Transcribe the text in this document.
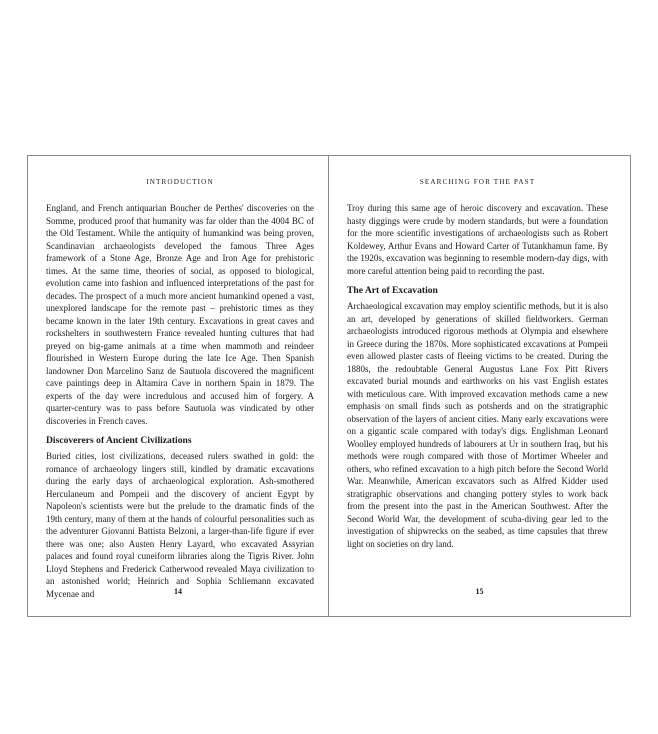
INTRODUCTION

England, and French antiquarian Boucher de Perthes' discoveries on the Somme, produced proof that humanity was far older than the 4004 BC of the Old Testament. While the antiquity of humankind was being proven, Scandinavian archaeologists developed the famous Three Ages framework of a Stone Age, Bronze Age and Iron Age for prehistoric times. At the same time, theories of social, as opposed to biological, evolution came into fashion and influenced interpretations of the past for decades. The prospect of a much more ancient humankind opened a vast, unexplored landscape for the remote past – prehistoric times as they became known in the later 19th century. Excavations in great caves and rockshelters in southwestern France revealed hunting cultures that had preyed on big-game animals at a time when mammoth and reindeer flourished in Western Europe during the late Ice Age. Then Spanish landowner Don Marcelino Sanz de Sautuola discovered the magnificent cave paintings deep in Altamira Cave in northern Spain in 1879. The experts of the day were incredulous and accused him of forgery. A quarter-century was to pass before Sautuola was vindicated by other discoveries in French caves.

Discoverers of Ancient Civilizations

Buried cities, lost civilizations, deceased rulers swathed in gold: the romance of archaeology lingers still, kindled by dramatic excavations during the early days of archaeological exploration. Ash-smothered Herculaneum and Pompeii and the discovery of ancient Egypt by Napoleon's scientists were but the prelude to the dramatic finds of the 19th century, many of them at the hands of colourful personalities such as the adventurer Giovanni Battista Belzoni, a larger-than-life figure if ever there was one; also Austen Henry Layard, who excavated Assyrian palaces and found royal cuneiform libraries along the Tigris River. John Lloyd Stephens and Frederick Catherwood revealed Maya civilization to an astonished world; Heinrich and Sophia Schliemann excavated Mycenae and	14
SEARCHING FOR THE PAST

Troy during this same age of heroic discovery and excavation. These hasty diggings were crude by modern standards, but were a foundation for the more scientific investigations of archaeologists such as Robert Koldewey, Arthur Evans and Howard Carter of Tutankhamun fame. By the 1920s, excavation was beginning to resemble modern-day digs, with more careful attention being paid to recording the past.

The Art of Excavation

Archaeological excavation may employ scientific methods, but it is also an art, developed by generations of skilled fieldworkers. German archaeologists introduced rigorous methods at Olympia and elsewhere in Greece during the 1870s. More sophisticated excavations at Pompeii even allowed plaster casts of fleeing victims to be created. During the 1880s, the redoubtable General Augustus Lane Fox Pitt Rivers excavated burial mounds and earthworks on his vast English estates with meticulous care. With improved excavation methods came a new emphasis on small finds such as potsherds and on the stratigraphic observation of the layers of ancient cities. Many early excavations were on a gigantic scale compared with today's digs. Englishman Leonard Woolley employed hundreds of labourers at Ur in southern Iraq, but his methods were rough compared with those of Mortimer Wheeler and others, who refined excavation to a high pitch before the Second World War. Meanwhile, American excavators such as Alfred Kidder used stratigraphic observations and changing pottery styles to work back from the present into the past in the American Southwest. After the Second World War, the development of scuba-diving gear led to the investigation of shipwrecks on the seabed, as time capsules that threw light on societies on dry land.

15
